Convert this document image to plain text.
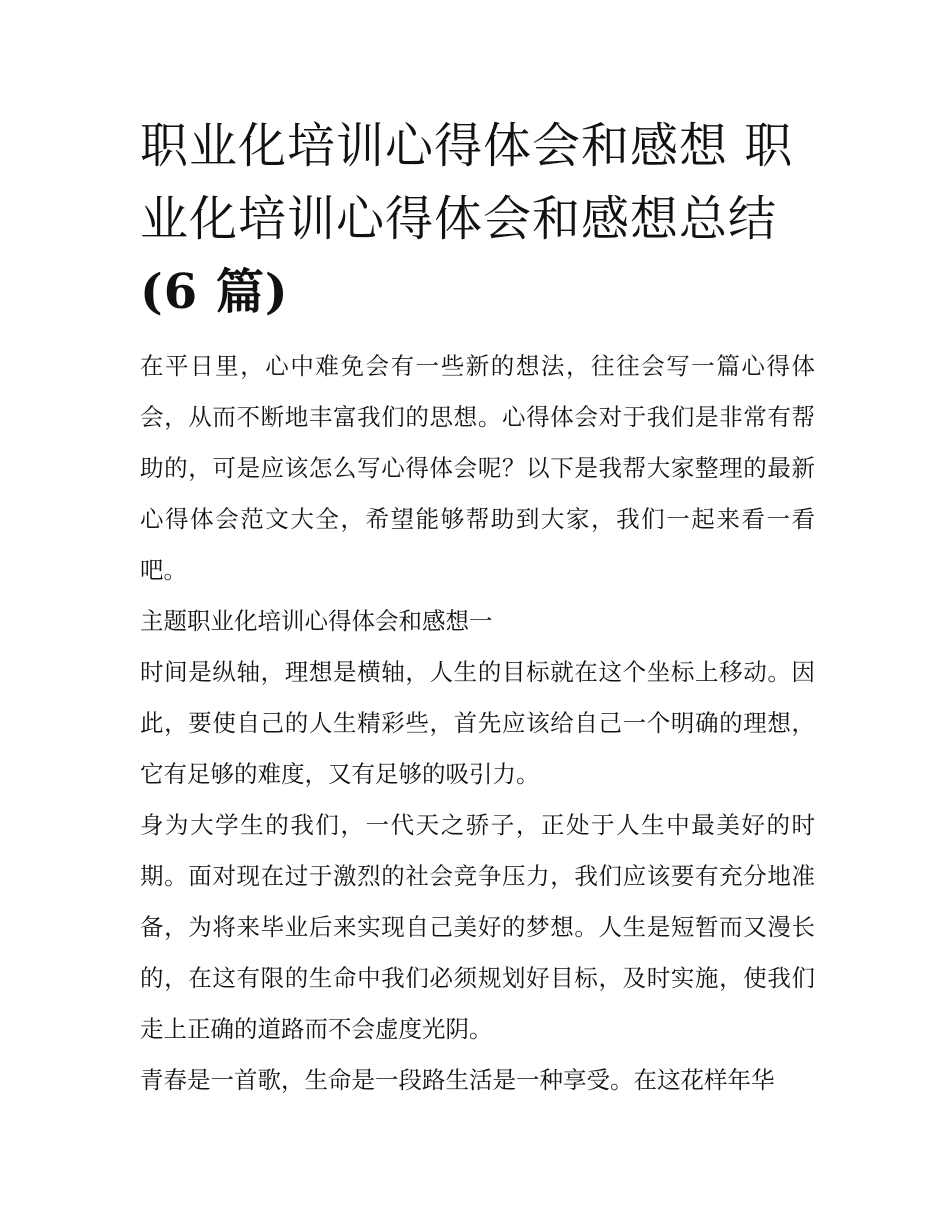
职业化培训心得体会和感想 职业化培训心得体会和感想总结
(6 篇)

在平日里，心中难免会有一些新的想法，往往会写一篇心得体会，从而不断地丰富我们的思想。心得体会对于我们是非常有帮助的，可是应该怎么写心得体会呢？以下是我帮大家整理的最新心得体会范文大全，希望能够帮助到大家，我们一起来看一看吧。

主题职业化培训心得体会和感想一

时间是纵轴，理想是横轴，人生的目标就在这个坐标上移动。因此，要使自己的人生精彩些，首先应该给自己一个明确的理想，它有足够的难度，又有足够的吸引力。

身为大学生的我们，一代天之骄子，正处于人生中最美好的时期。面对现在过于激烈的社会竞争压力，我们应该要有充分地准备，为将来毕业后来实现自己美好的梦想。人生是短暂而又漫长的，在这有限的生命中我们必须规划好目标，及时实施，使我们走上正确的道路而不会虚度光阴。

青春是一首歌，生命是一段路生活是一种享受。在这花样年华
